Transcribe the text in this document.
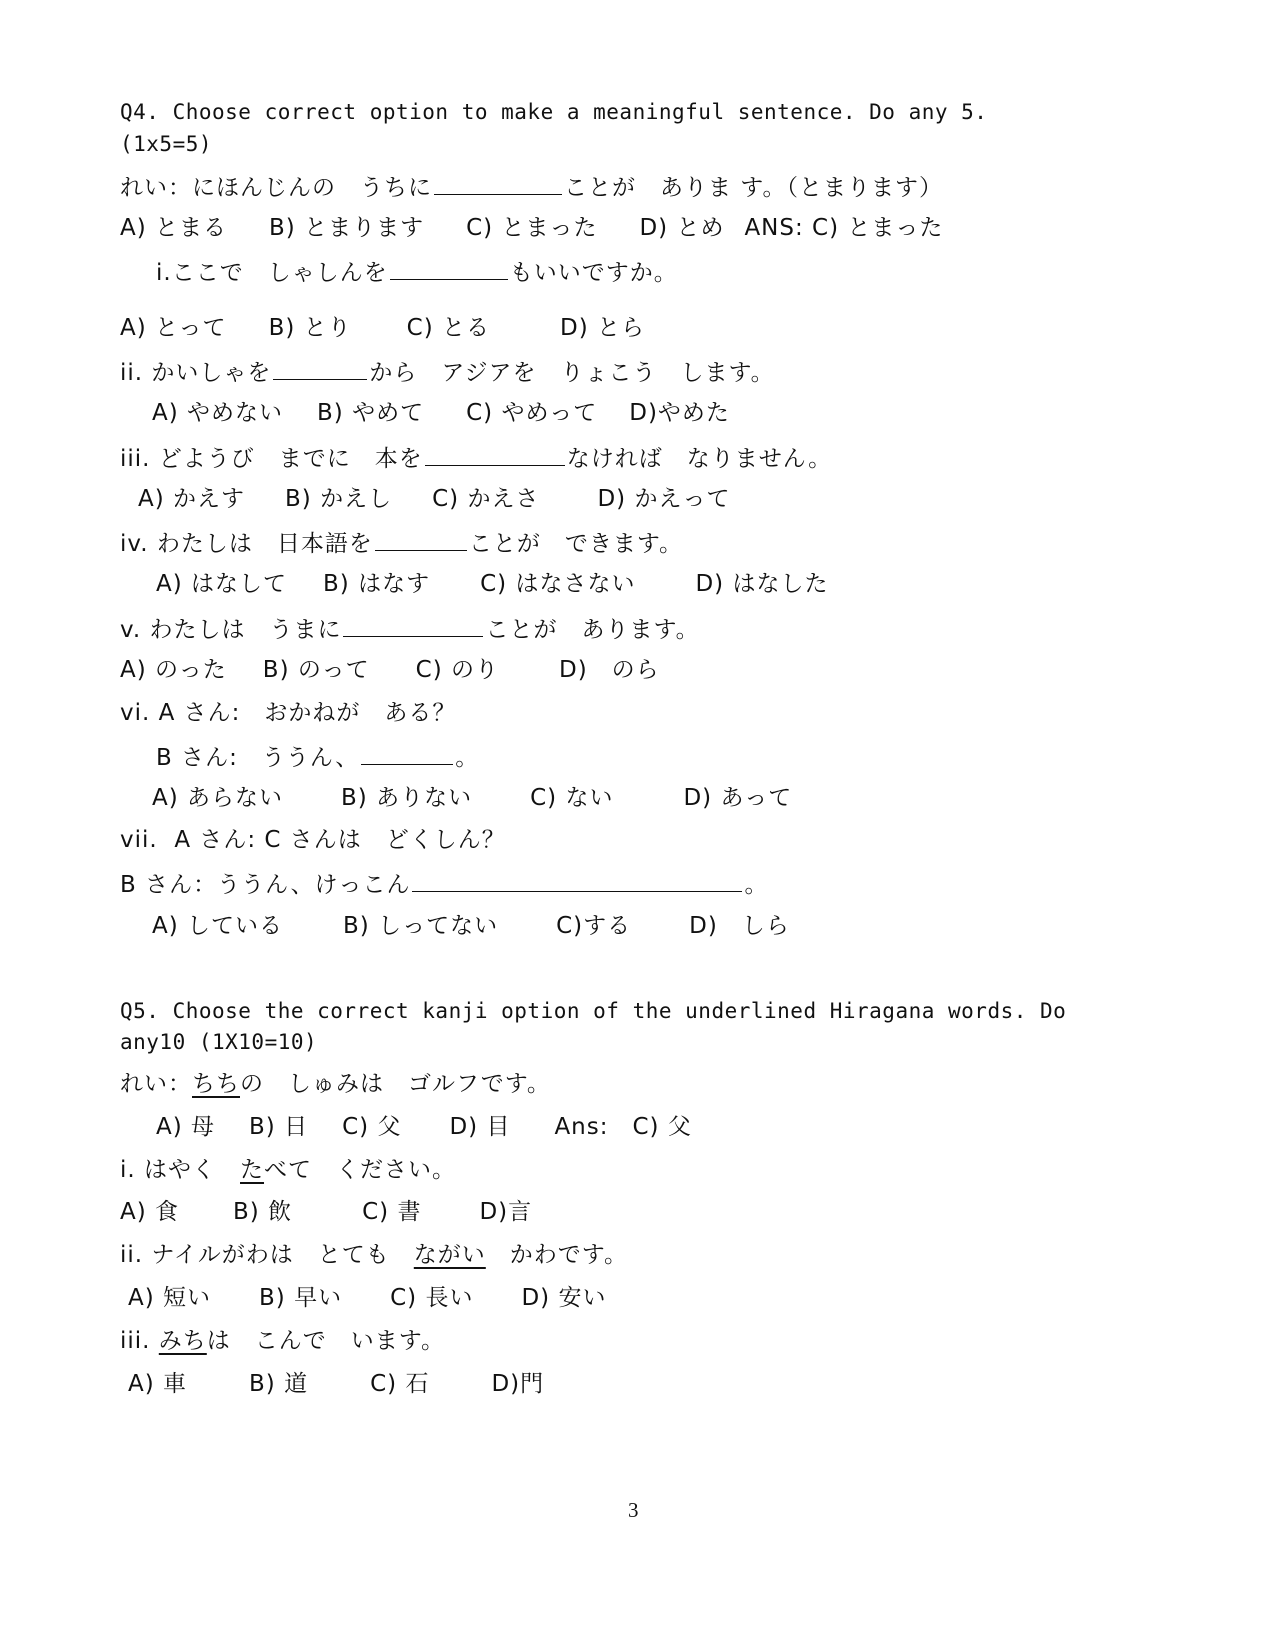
Q4. Choose correct option to make a meaningful sentence. Do any 5.
(1x5=5)
れい：にほんじんの　うちに	ことが　ありま す。（とまります）
A) とまる B) とまります C) とまった D) とめ ANS: C) とまった
i.ここで　しゃしんを	もいいですか。
A) とって B) とり C) とる	D) とら
ii. かいしゃを	から　アジアを　りょこう　します。
A) やめない B) やめて C) やめって D)やめた
iii. どようび　までに　本を	なければ　なりません。
A) かえす B) かえし C) かえさ	D) かえって
iv. わたしは　日本語を	ことが　できます。
A) はなして B) はなす C) はなさない	D) はなした
v. わたしは　うまに	ことが　あります。
A) のった B) のって C) のり	D)　のら
vi. A さん:　おかねが　ある？
B さん:　ううん、	。
A) あらない	B) ありない	C) ない	D) あって
vii. A さん: C さんは　どくしん？
B さん：ううん、けっこん	。
A) している	B) しってない	C)する	D)　しら
Q5. Choose the correct kanji option of the underlined Hiragana words. Do
any10 (1X10=10)
れい：ちちの　しゅみは　ゴルフです。
A) 母 B) 日 C) 父 D) 目 Ans:　C) 父
i. はやく　たべて　ください。
A) 食 B) 飲	C) 書	D)言
ii. ナイルがわは　とても　ながい　かわです。
A) 短い B) 早い C) 長い D) 安い
iii. みちは　こんで　います。
A) 車	B) 道	C) 石	D)門
3
